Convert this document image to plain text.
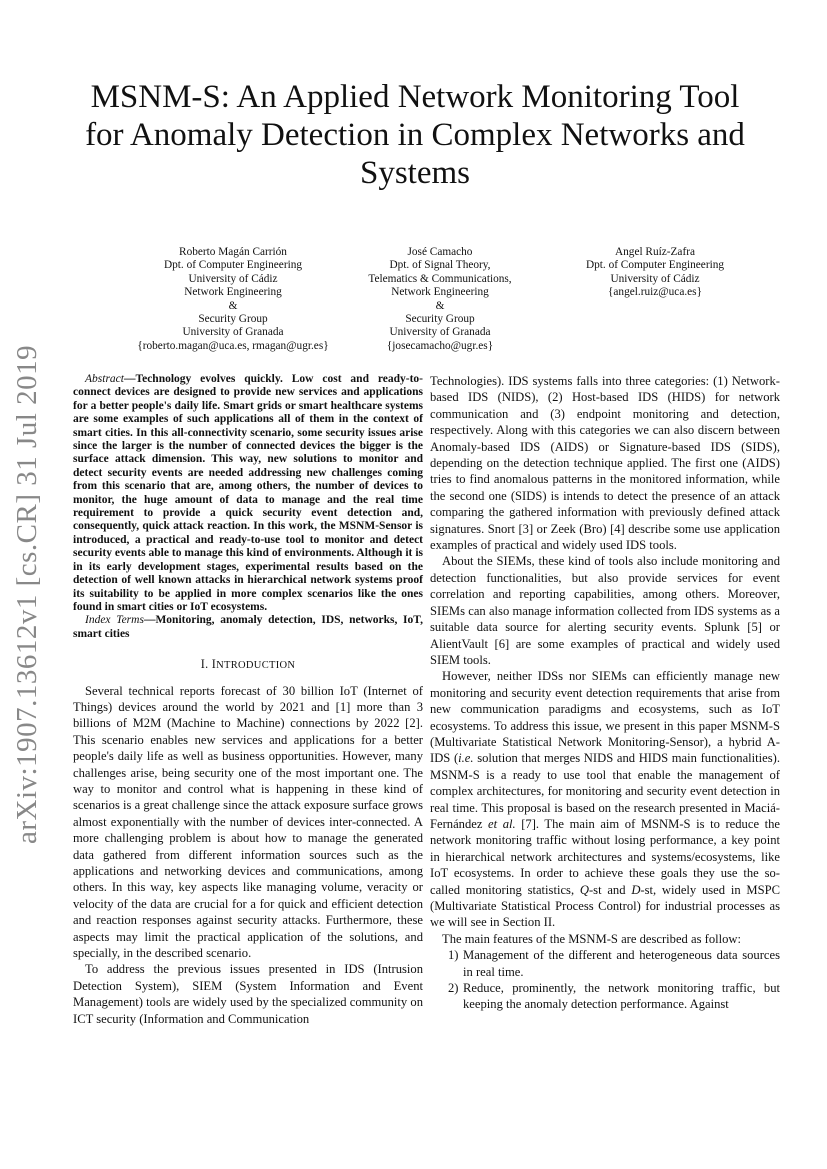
arXiv:1907.13612v1 [cs.CR] 31 Jul 2019
MSNM-S: An Applied Network Monitoring Tool for Anomaly Detection in Complex Networks and Systems
Roberto Magán Carrión
Dpt. of Computer Engineering
University of Cádiz
Network Engineering
&
Security Group
University of Granada
{roberto.magan@uca.es, rmagan@ugr.es}
José Camacho
Dpt. of Signal Theory,
Telematics & Communications,
Network Engineering
&
Security Group
University of Granada
{josecamacho@ugr.es}
Angel Ruíz-Zafra
Dpt. of Computer Engineering
University of Cádiz
{angel.ruiz@uca.es}

Abstract—Technology evolves quickly. Low cost and ready-to-connect devices are designed to provide new services and applications for a better people's daily life. Smart grids or smart healthcare systems are some examples of such applications all of them in the context of smart cities. In this all-connectivity scenario, some security issues arise since the larger is the number of connected devices the bigger is the surface attack dimension. This way, new solutions to monitor and detect security events are needed addressing new challenges coming from this scenario that are, among others, the number of devices to monitor, the huge amount of data to manage and the real time requirement to provide a quick security event detection and, consequently, quick attack reaction. In this work, the MSNM-Sensor is introduced, a practical and ready-to-use tool to monitor and detect security events able to manage this kind of environments. Although it is in its early development stages, experimental results based on the detection of well known attacks in hierarchical network systems proof its suitability to be applied in more complex scenarios like the ones found in smart cities or IoT ecosystems.

Index Terms—Monitoring, anomaly detection, IDS, networks, IoT, smart cities

I. INTRODUCTION

Several technical reports forecast of 30 billion IoT (Internet of Things) devices around the world by 2021 and [1] more than 3 billions of M2M (Machine to Machine) connections by 2022 [2]. This scenario enables new services and applications for a better people's daily life as well as business opportunities. However, many challenges arise, being security one of the most important one. The way to monitor and control what is happening in these kind of scenarios is a great challenge since the attack exposure surface grows almost exponentially with the number of devices inter-connected. A more challenging problem is about how to manage the generated data gathered from different information sources such as the applications and networking devices and communications, among others. In this way, key aspects like managing volume, veracity or velocity of the data are crucial for a for quick and efficient detection and reaction responses against security attacks. Furthermore, these aspects may limit the practical application of the solutions, and specially, in the described scenario.

To address the previous issues presented in IDS (Intrusion Detection System), SIEM (System Information and Event Management) tools are widely used by the specialized community on ICT security (Information and Communication

Technologies). IDS systems falls into three categories: (1) Network-based IDS (NIDS), (2) Host-based IDS (HIDS) for network communication and (3) endpoint monitoring and detection, respectively. Along with this categories we can also discern between Anomaly-based IDS (AIDS) or Signature-based IDS (SIDS), depending on the detection technique applied. The first one (AIDS) tries to find anomalous patterns in the monitored information, while the second one (SIDS) is intends to detect the presence of an attack comparing the gathered information with previously defined attack signatures. Snort [3] or Zeek (Bro) [4] describe some use application examples of practical and widely used IDS tools.

About the SIEMs, these kind of tools also include monitoring and detection functionalities, but also provide services for event correlation and reporting capabilities, among others. Moreover, SIEMs can also manage information collected from IDS systems as a suitable data source for alerting security events. Splunk [5] or AlientVault [6] are some examples of practical and widely used SIEM tools.

However, neither IDSs nor SIEMs can efficiently manage new monitoring and security event detection requirements that arise from new communication paradigms and ecosystems, such as IoT ecosystems. To address this issue, we present in this paper MSNM-S (Multivariate Statistical Network Monitoring-Sensor), a hybrid A-IDS (i.e. solution that merges NIDS and HIDS main functionalities). MSNM-S is a ready to use tool that enable the management of complex architectures, for monitoring and security event detection in real time. This proposal is based on the research presented in Maciá-Fernández et al. [7]. The main aim of MSNM-S is to reduce the network monitoring traffic without losing performance, a key point in hierarchical network architectures and systems/ecosystems, like IoT ecosystems. In order to achieve these goals they use the so-called monitoring statistics, Q-st and D-st, widely used in MSPC (Multivariate Statistical Process Control) for industrial processes as we will see in Section II.

The main features of the MSNM-S are described as follow:

1) Management of the different and heterogeneous data sources in real time.
2) Reduce, prominently, the network monitoring traffic, but keeping the anomaly detection performance. Against
